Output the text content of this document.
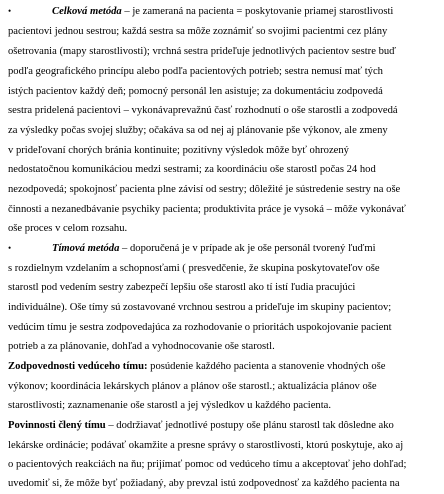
•	Celková metóda – je zameraná na pacienta = poskytovanie priamej starostlivosti
pacientovi jednou sestrou; každá sestra sa môže zoznámiť so svojimi pacientmi cez plány
ošetrovania (mapy starostlivosti); vrchná sestra prideľuje jednotlivých pacientov sestre buď
podľa geografického princípu alebo podľa pacientových potrieb; sestra nemusí mať tých
istých pacientov každý deň; pomocný personál len asistuje; za dokumentáciu zodpovedá
sestra pridelená pacientovi – vykonávaprevažnú časť rozhodnutí o oše starostli a zodpovedá
za výsledky počas svojej služby; očakáva sa od nej aj plánovanie pše výkonov, ale zmeny
v prideľovaní chorých bránia kontinuite; pozitívny výsledok môže byť ohrozený
nedostatočnou komunikáciou medzi sestrami; za koordináciu oše starostl počas 24 hod
nezodpovedá; spokojnosť pacienta plne závisí od sestry; dôležité je sústredenie sestry na oše
činnosti a nezanedbávanie psychiky pacienta; produktivita práce je vysoká – môže vykonávať
oše proces v celom rozsahu.
•	Tímová metóda – doporučená je v prípade ak je oše personál tvorený ľuďmi
s rozdielnym vzdelaním a schopnosťami ( presvedčenie, že skupina poskytovateľov oše
starostl pod vedením sestry zabezpečí lepšiu oše starostl ako tí istí ľudia pracujúci
individuálne). Oše tímy sú zostavované vrchnou sestrou a prideľuje im skupiny pacientov;
vedúcim tímu je sestra zodpovedajúca za rozhodovanie o prioritách uspokojovanie pacient
potrieb a za plánovanie, dohľad a vyhodnocovanie oše starostl.
Zodpovednosti vedúceho tímu: posúdenie každého pacienta a stanovenie vhodných oše
výkonov; koordinácia lekárskych plánov a plánov oše starostl.; aktualizácia plánov oše
starostlivosti; zaznamenanie oše starostl a jej výsledkov u každého pacienta.
Povinnosti člený tímu – dodržiavať jednotlivé postupy oše plánu starostl tak dôsledne ako
lekárske ordinácie; podávať okamžite a presne správy o starostlivosti, ktorú poskytuje, ako aj
o pacientových reakciách na ňu; prijímať pomoc od vedúceho tímu a akceptovať jeho dohľad;
uvedomiť si, že môže byť požiadaný, aby prevzal istú zodpovednosť za každého pacienta na
